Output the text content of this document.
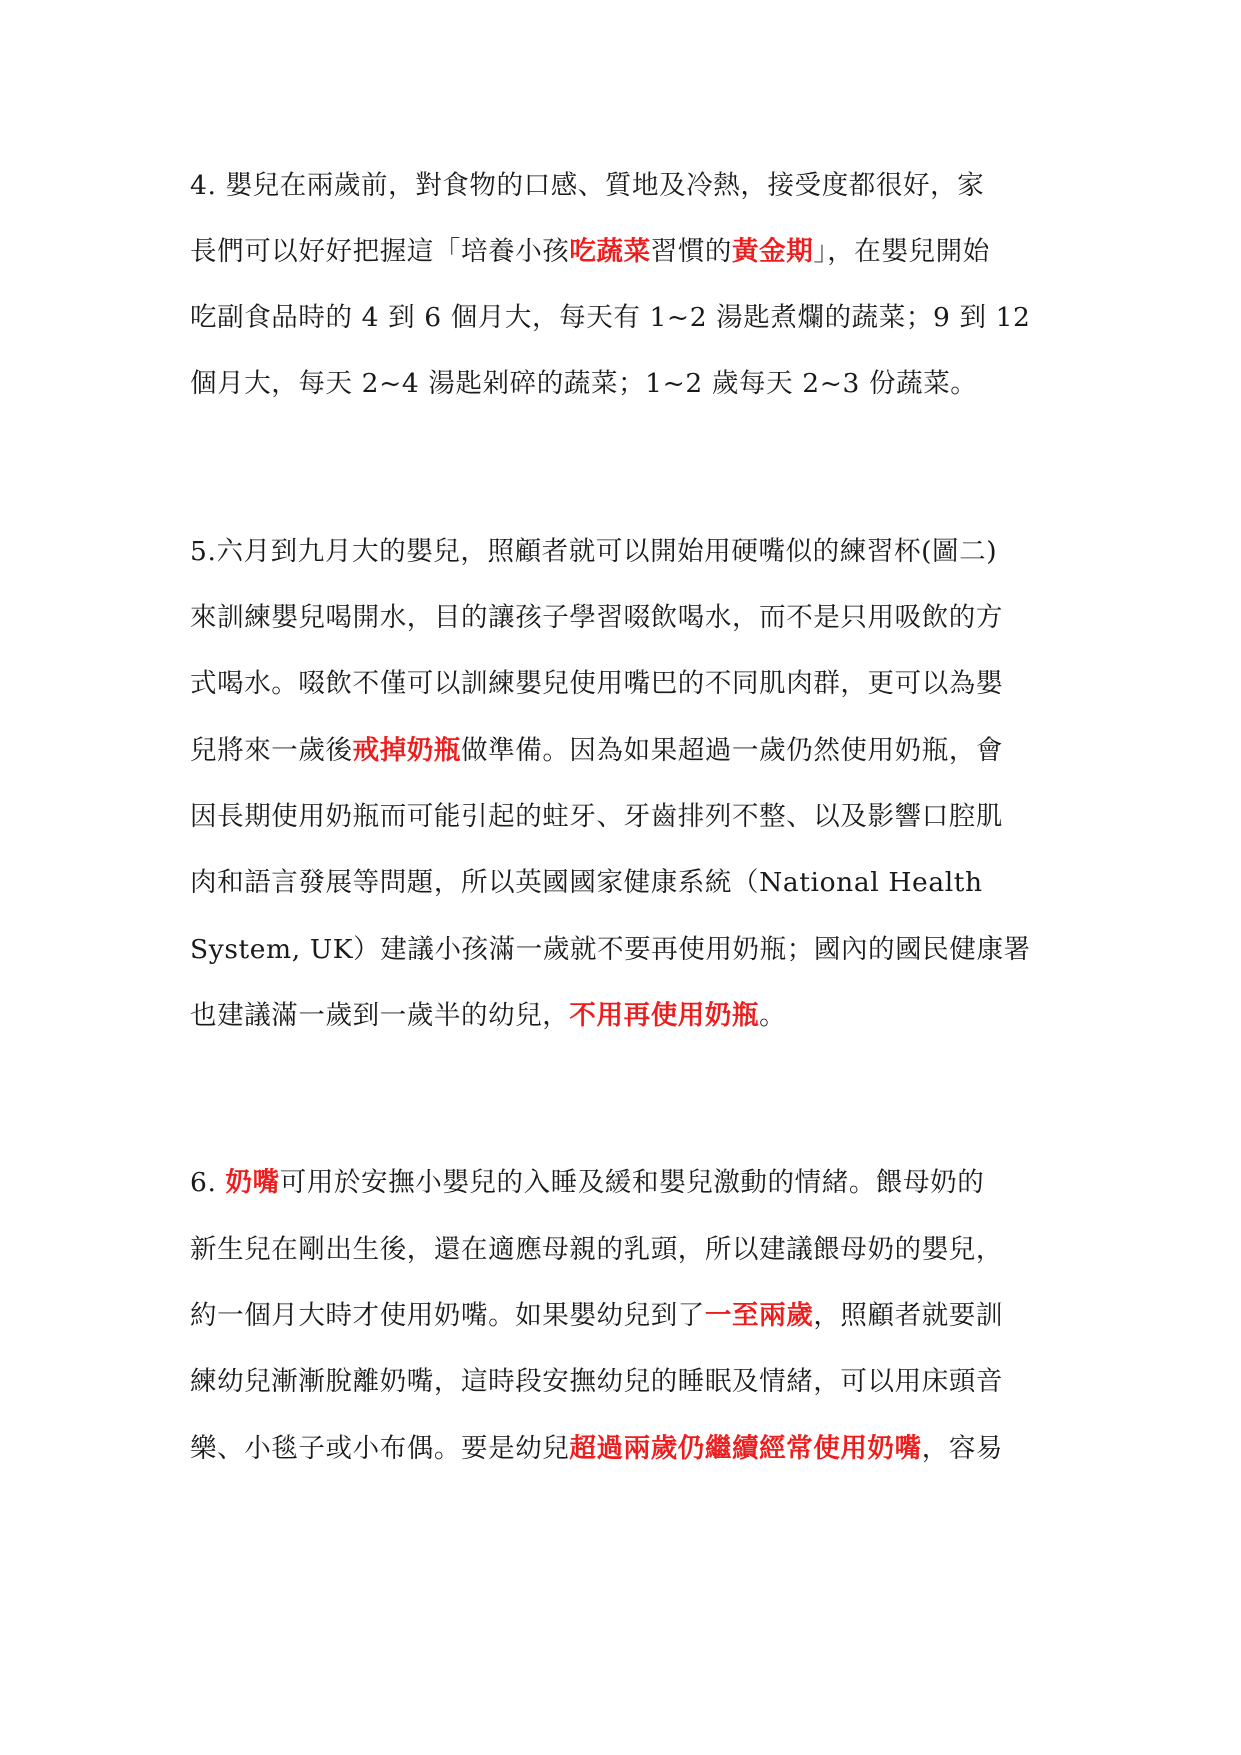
4. 嬰兒在兩歲前，對食物的口感、質地及冷熱，接受度都很好，家
長們可以好好把握這「培養小孩吃蔬菜習慣的黃金期」，在嬰兒開始
吃副食品時的 4 到 6 個月大，每天有 1~2 湯匙煮爛的蔬菜；9 到 12
個月大，每天 2~4 湯匙剁碎的蔬菜；1~2 歲每天 2~3 份蔬菜。
5.六月到九月大的嬰兒，照顧者就可以開始用硬嘴似的練習杯(圖二)
來訓練嬰兒喝開水，目的讓孩子學習啜飲喝水，而不是只用吸飲的方
式喝水。啜飲不僅可以訓練嬰兒使用嘴巴的不同肌肉群，更可以為嬰
兒將來一歲後戒掉奶瓶做準備。因為如果超過一歲仍然使用奶瓶，會
因長期使用奶瓶而可能引起的蛀牙、牙齒排列不整、以及影響口腔肌
肉和語言發展等問題，所以英國國家健康系統（National Health
System, UK）建議小孩滿一歲就不要再使用奶瓶；國內的國民健康署
也建議滿一歲到一歲半的幼兒，不用再使用奶瓶。
6. 奶嘴可用於安撫小嬰兒的入睡及緩和嬰兒激動的情緒。餵母奶的
新生兒在剛出生後，還在適應母親的乳頭，所以建議餵母奶的嬰兒，
約一個月大時才使用奶嘴。如果嬰幼兒到了一至兩歲，照顧者就要訓
練幼兒漸漸脫離奶嘴，這時段安撫幼兒的睡眠及情緒，可以用床頭音
樂、小毯子或小布偶。要是幼兒超過兩歲仍繼續經常使用奶嘴，容易
